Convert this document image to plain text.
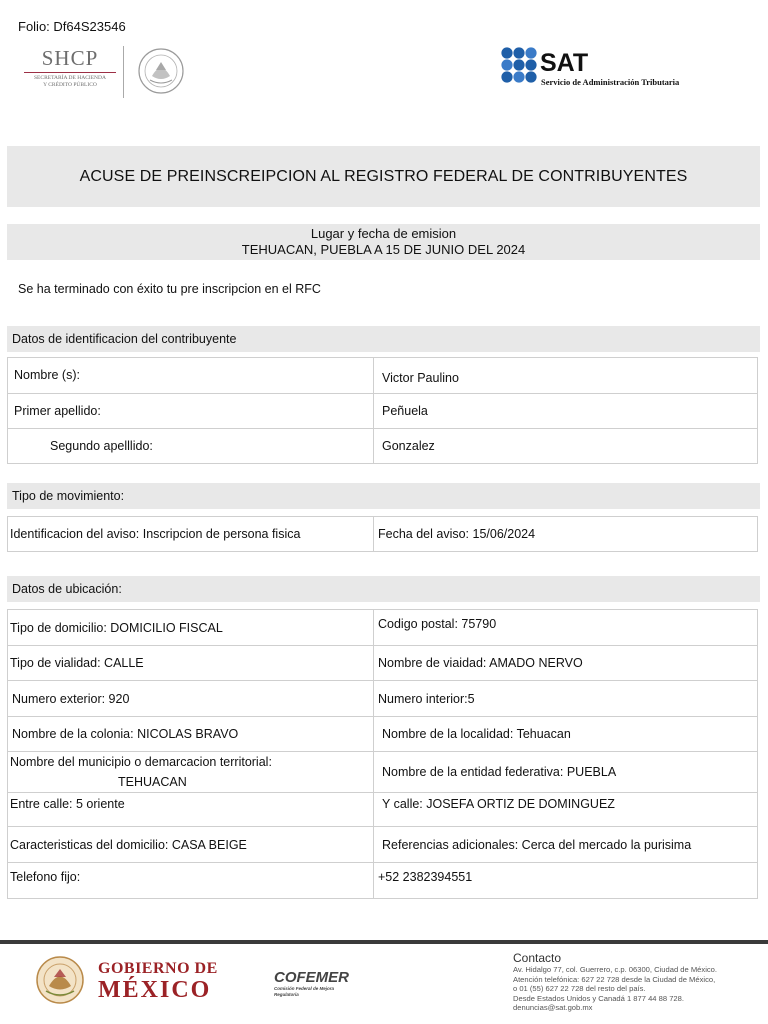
Folio: Df64S23546
SHCP
SECRETARÍA DE HACIENDA
Y CRÉDITO PÚBLICO
SAT
Servicio de Administración Tributaria
ACUSE DE PREINSCREIPCION AL REGISTRO FEDERAL DE CONTRIBUYENTES
Lugar y fecha de emision
TEHUACAN, PUEBLA A 15 DE JUNIO DEL 2024
Se ha terminado con éxito tu pre inscripcion en el RFC
Datos de identificacion del contribuyente
Nombre (s):	Victor Paulino
Primer apellido:	Peñuela
Segundo apelllido:	Gonzalez
Tipo de movimiento:
Identificacion del aviso: Inscripcion de persona fisica	Fecha del aviso: 15/06/2024
Datos de ubicación:
Tipo de domicilio: DOMICILIO FISCAL	Codigo postal: 75790
Tipo de vialidad: CALLE	Nombre de viaidad: AMADO NERVO
Numero exterior: 920	Numero interior:5
Nombre de la colonia: NICOLAS BRAVO	Nombre de la localidad: Tehuacan

Nombre del municipio o demarcacion territorial:
TEHUACAN	Nombre de la entidad federativa: PUEBLA
Entre calle: 5 oriente	Y calle: JOSEFA ORTIZ DE DOMINGUEZ
Caracteristicas del domicilio: CASA BEIGE	Referencias adicionales: Cerca del mercado la purisima
Telefono fijo:	+52 2382394551
GOBIERNO DE
MÉXICO	COFEMER
Comisión Federal de Mejora Regulatoria
Contacto
Av. Hidalgo 77, col. Guerrero, c.p. 06300, Ciudad de México.
Atención telefónica: 627 22 728 desde la Ciudad de México,
o 01 (55) 627 22 728 del resto del país.
Desde Estados Unidos y Canadá 1 877 44 88 728.
denuncias@sat.gob.mx
